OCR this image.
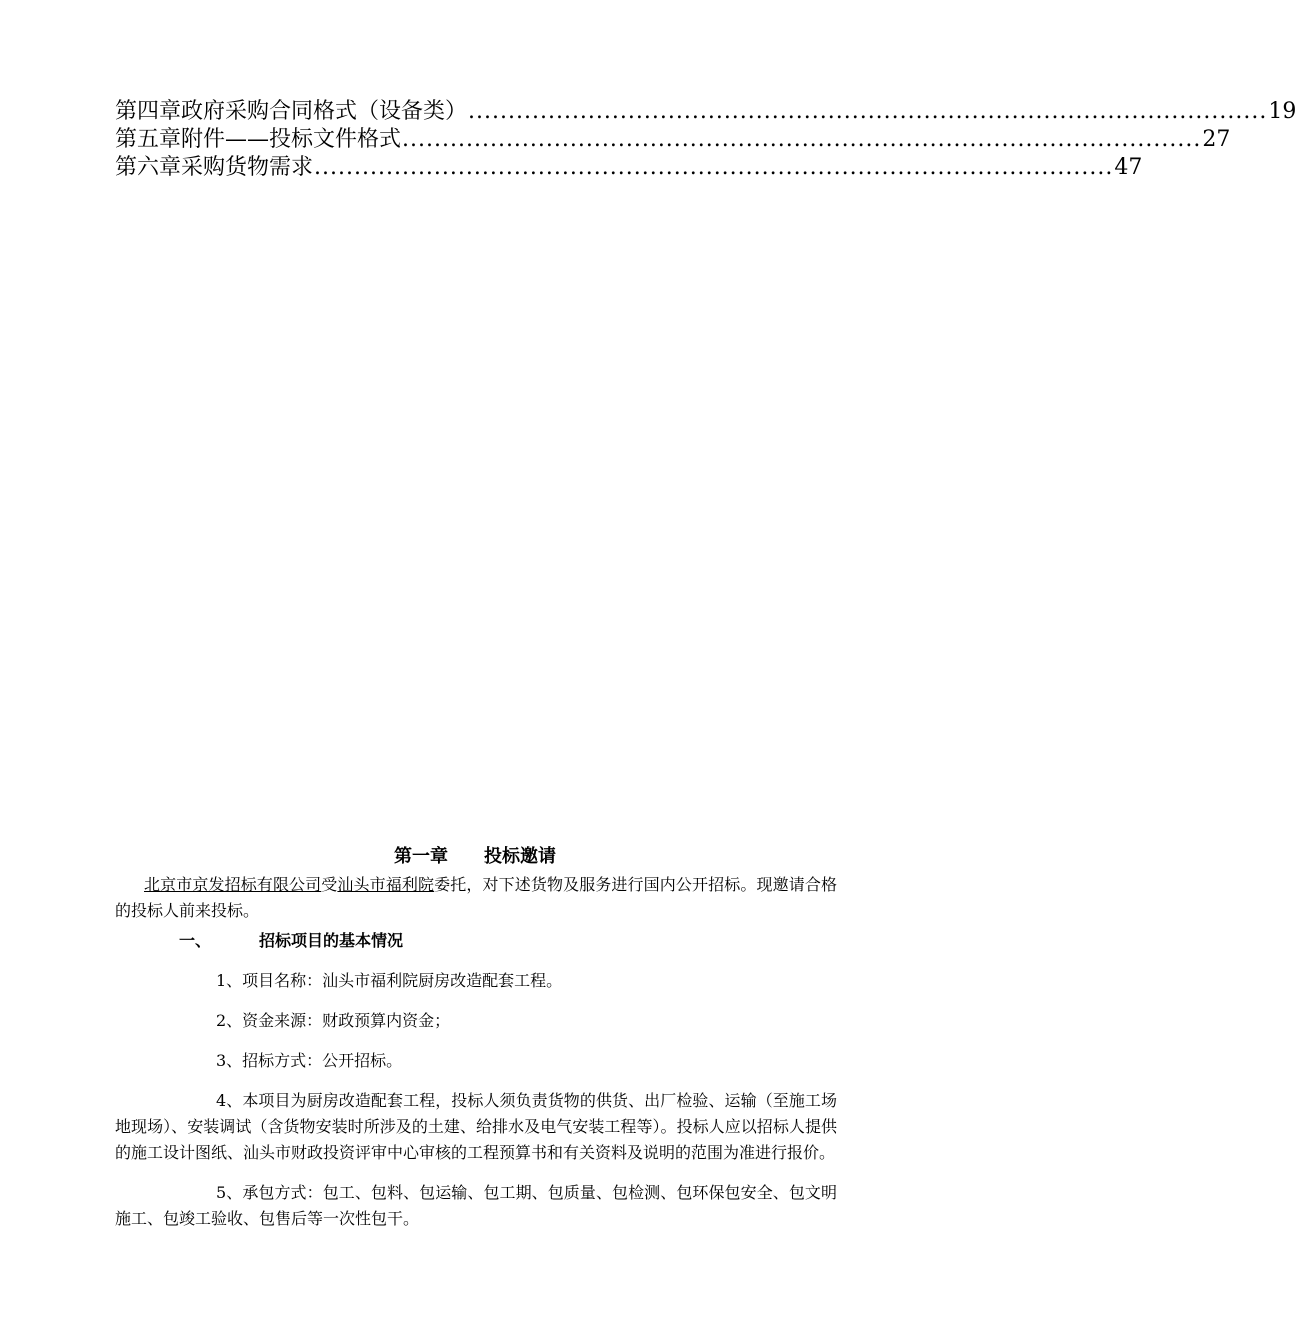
第四章 政府采购合同格式（设备类） .................................................................................................... 19
第五章 附件——投标文件格式 .................................................................................................... 27
第六章 采购货物需求 .................................................................................................... 47
第一章 投标邀请

北京市京发招标有限公司受汕头市福利院委托，对下述货物及服务进行国内公开招标。现邀请合格的投标人前来投标。

一、	招标项目的基本情况

1、项目名称：汕头市福利院厨房改造配套工程。

2、资金来源：财政预算内资金；

3、招标方式：公开招标。

4、本项目为厨房改造配套工程，投标人须负责货物的供货、出厂检验、运输（至施工场地现场）、安装调试（含货物安装时所涉及的土建、给排水及电气安装工程等）。投标人应以招标人提供的施工设计图纸、汕头市财政投资评审中心审核的工程预算书和有关资料及说明的范围为准进行报价。

5、承包方式：包工、包料、包运输、包工期、包质量、包检测、包环保包安全、包文明施工、包竣工验收、包售后等一次性包干。
